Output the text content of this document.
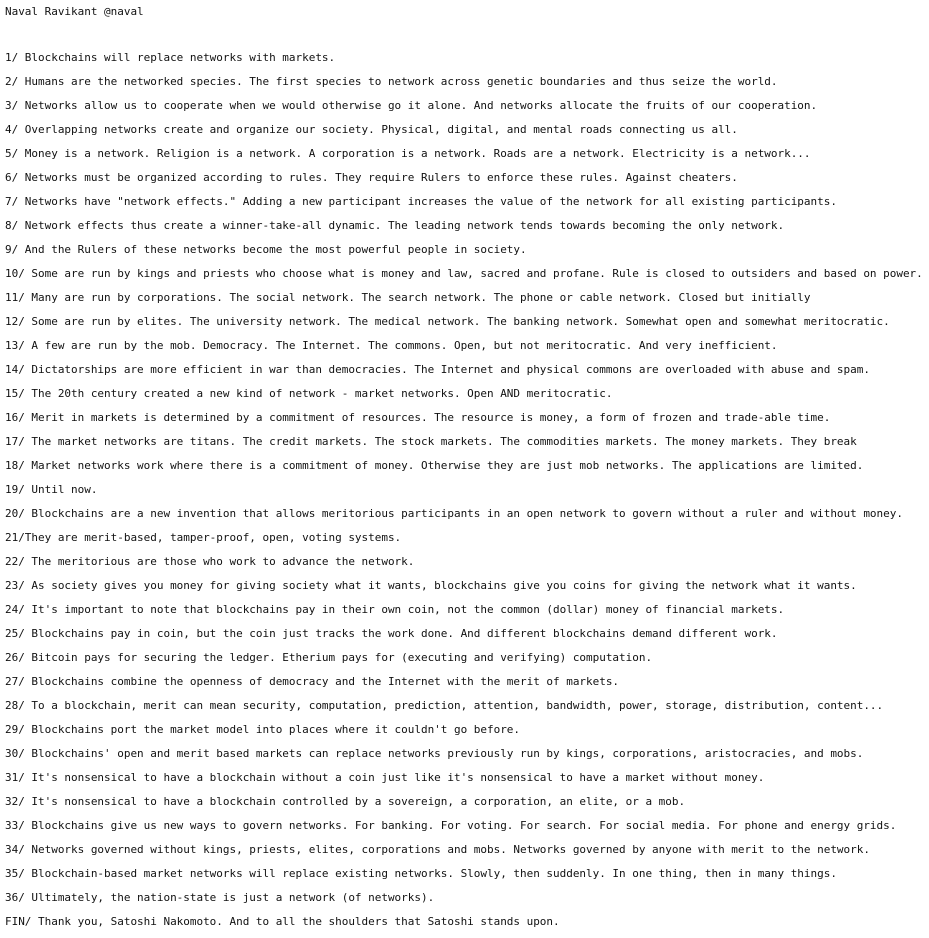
Naval Ravikant @naval

1/ Blockchains will replace networks with markets.
2/ Humans are the networked species. The first species to network across genetic boundaries and thus seize the world.
3/ Networks allow us to cooperate when we would otherwise go it alone. And networks allocate the fruits of our cooperation.
4/ Overlapping networks create and organize our society. Physical, digital, and mental roads connecting us all.
5/ Money is a network. Religion is a network. A corporation is a network. Roads are a network. Electricity is a network...
6/ Networks must be organized according to rules. They require Rulers to enforce these rules. Against cheaters.
7/ Networks have "network effects." Adding a new participant increases the value of the network for all existing participants.
8/ Network effects thus create a winner-take-all dynamic. The leading network tends towards becoming the only network.
9/ And the Rulers of these networks become the most powerful people in society.
10/ Some are run by kings and priests who choose what is money and law, sacred and profane. Rule is closed to outsiders and based on power.
11/ Many are run by corporations. The social network. The search network. The phone or cable network. Closed but initially
12/ Some are run by elites. The university network. The medical network. The banking network. Somewhat open and somewhat meritocratic.
13/ A few are run by the mob. Democracy. The Internet. The commons. Open, but not meritocratic. And very inefficient.
14/ Dictatorships are more efficient in war than democracies. The Internet and physical commons are overloaded with abuse and spam.
15/ The 20th century created a new kind of network - market networks. Open AND meritocratic.
16/ Merit in markets is determined by a commitment of resources. The resource is money, a form of frozen and trade-able time.
17/ The market networks are titans. The credit markets. The stock markets. The commodities markets. The money markets. They break
18/ Market networks work where there is a commitment of money. Otherwise they are just mob networks. The applications are limited.
19/ Until now.
20/ Blockchains are a new invention that allows meritorious participants in an open network to govern without a ruler and without money.
21/They are merit-based, tamper-proof, open, voting systems.
22/ The meritorious are those who work to advance the network.
23/ As society gives you money for giving society what it wants, blockchains give you coins for giving the network what it wants.
24/ It's important to note that blockchains pay in their own coin, not the common (dollar) money of financial markets.
25/ Blockchains pay in coin, but the coin just tracks the work done. And different blockchains demand different work.
26/ Bitcoin pays for securing the ledger. Etherium pays for (executing and verifying) computation.
27/ Blockchains combine the openness of democracy and the Internet with the merit of markets.
28/ To a blockchain, merit can mean security, computation, prediction, attention, bandwidth, power, storage, distribution, content...
29/ Blockchains port the market model into places where it couldn't go before.
30/ Blockchains' open and merit based markets can replace networks previously run by kings, corporations, aristocracies, and mobs.
31/ It's nonsensical to have a blockchain without a coin just like it's nonsensical to have a market without money.
32/ It's nonsensical to have a blockchain controlled by a sovereign, a corporation, an elite, or a mob.
33/ Blockchains give us new ways to govern networks. For banking. For voting. For search. For social media. For phone and energy grids.
34/ Networks governed without kings, priests, elites, corporations and mobs. Networks governed by anyone with merit to the network.
35/ Blockchain-based market networks will replace existing networks. Slowly, then suddenly. In one thing, then in many things.
36/ Ultimately, the nation-state is just a network (of networks).
FIN/ Thank you, Satoshi Nakomoto. And to all the shoulders that Satoshi stands upon.
